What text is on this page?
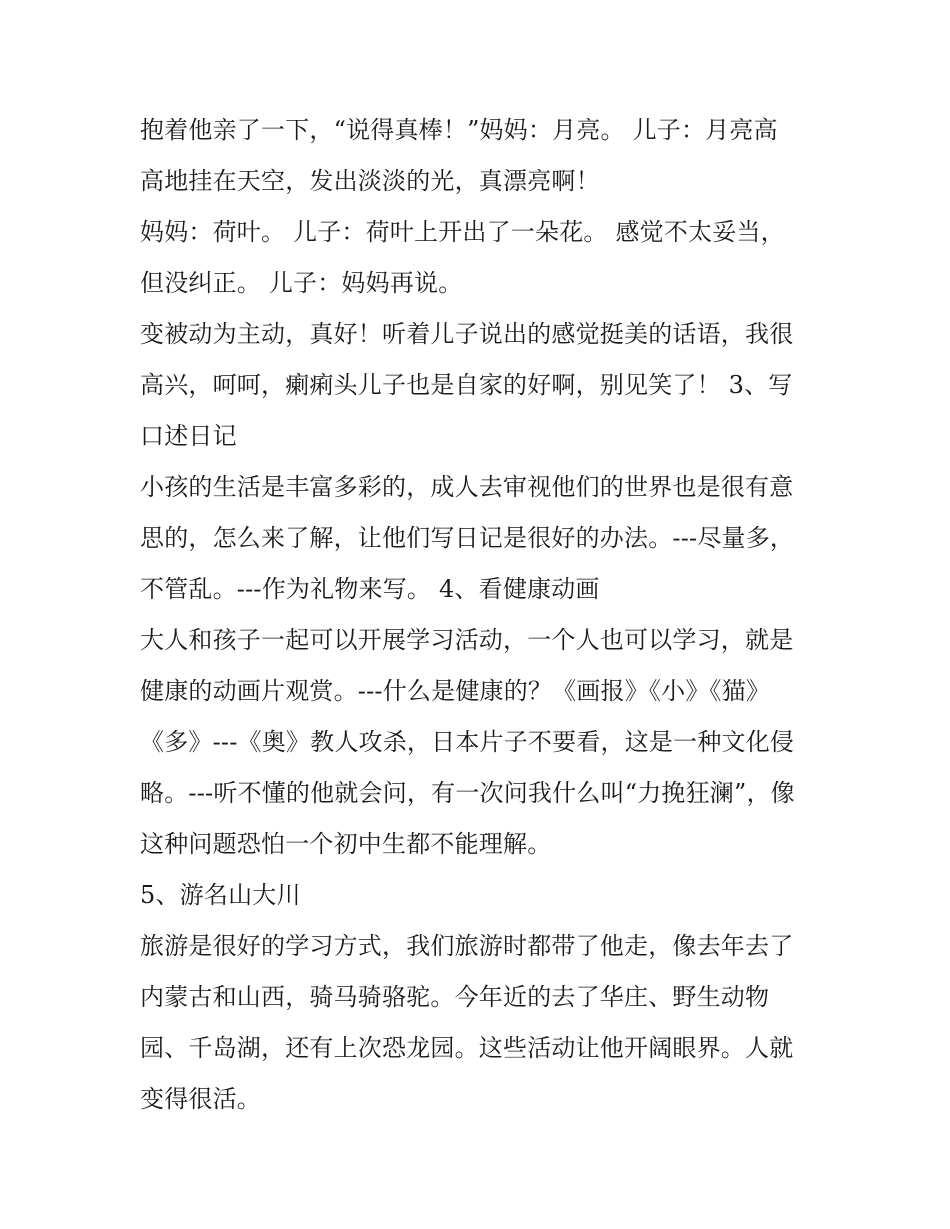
抱着他亲了一下，“说得真棒！”妈妈：月亮。 儿子：月亮高
高地挂在天空，发出淡淡的光，真漂亮啊！
妈妈：荷叶。 儿子：荷叶上开出了一朵花。 感觉不太妥当，
但没纠正。 儿子：妈妈再说。
变被动为主动，真好！听着儿子说出的感觉挺美的话语，我很
高兴，呵呵，瘌痢头儿子也是自家的好啊，别见笑了！ 3、写
口述日记
小孩的生活是丰富多彩的，成人去审视他们的世界也是很有意
思的，怎么来了解，让他们写日记是很好的办法。---尽量多，
不管乱。---作为礼物来写。 4、看健康动画
大人和孩子一起可以开展学习活动，一个人也可以学习，就是
健康的动画片观赏。---什么是健康的？《画报》《小》《猫》
《多》---《奥》教人攻杀，日本片子不要看，这是一种文化侵
略。---听不懂的他就会问，有一次问我什么叫“力挽狂澜”，像
这种问题恐怕一个初中生都不能理解。
5、游名山大川
旅游是很好的学习方式，我们旅游时都带了他走，像去年去了
内蒙古和山西，骑马骑骆驼。今年近的去了华庄、野生动物
园、千岛湖，还有上次恐龙园。这些活动让他开阔眼界。人就
变得很活。
